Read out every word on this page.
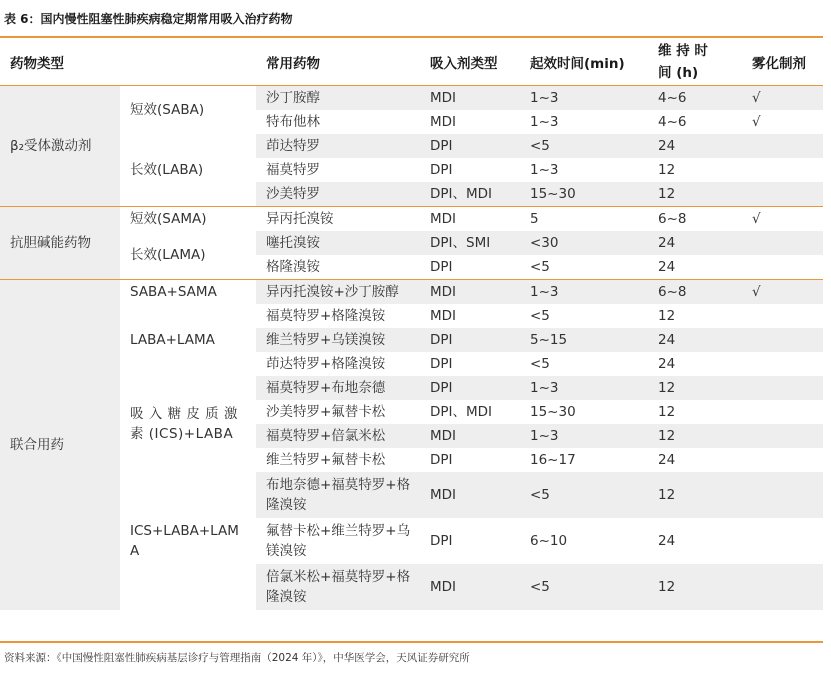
表 6：国内慢性阻塞性肺疾病稳定期常用吸入治疗药物
药物类型		常用药物	吸入剂类型	起效时间(min)	维 持 时 间 (h)	雾化制剂
β₂受体激动剂	短效(SABA)	沙丁胺醇	MDI	1~3	4~6	√
		特布他林	MDI	1~3	4~6	√
	长效(LABA)	茚达特罗	DPI	<5	24	
		福莫特罗	DPI	1~3	12	
		沙美特罗	DPI、MDI	15~30	12	
抗胆碱能药物	短效(SAMA)	异丙托溴铵	MDI	5	6~8	√
	长效(LAMA)	噻托溴铵	DPI、SMI	<30	24	
		格隆溴铵	DPI	<5	24	
联合用药	SABA+SAMA	异丙托溴铵+沙丁胺醇	MDI	1~3	6~8	√
	LABA+LAMA	福莫特罗+格隆溴铵	MDI	<5	12	
		维兰特罗+乌镁溴铵	DPI	5~15	24	
		茚达特罗+格隆溴铵	DPI	<5	24	
	吸 入 糖 皮 质 激 素 (ICS)+LABA	福莫特罗+布地奈德	DPI	1~3	12	
		沙美特罗+氟替卡松	DPI、MDI	15~30	12	
		福莫特罗+倍氯米松	MDI	1~3	12	
		维兰特罗+氟替卡松	DPI	16~17	24	
	ICS+LABA+LAMA	布地奈德+福莫特罗+格隆溴铵	MDI	<5	12	
		氟替卡松+维兰特罗+乌镁溴铵	DPI	6~10	24	
		倍氯米松+福莫特罗+格隆溴铵	MDI	<5	12	
资料来源：《中国慢性阻塞性肺疾病基层诊疗与管理指南（2024 年）》，中华医学会，天风证券研究所
